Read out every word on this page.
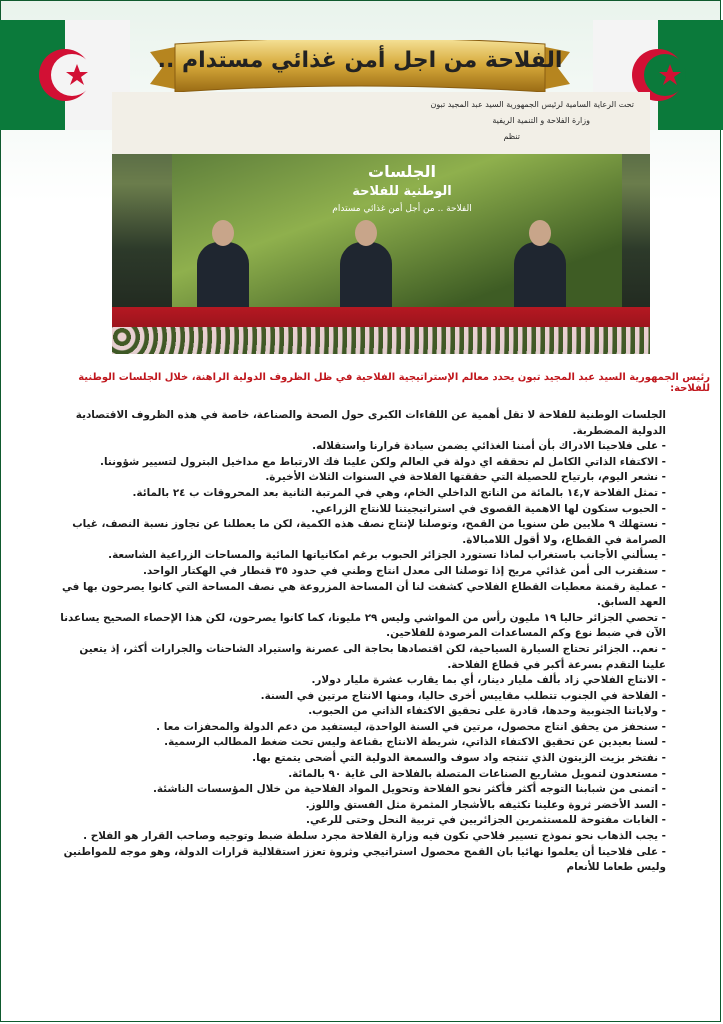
الفلاحة من اجل أمن غذائي مستدام ..
تحت الرعاية السامية لرئيس الجمهورية السيد عبد المجيد تبون
وزارة الفلاحة و التنمية الريفية
تنظم
الجلسات
الوطنية للفلاحة
الفلاحة .. من أجل أمن غذائي مستدام
رئيس الجمهورية السيد عبد المجيد تبون يحدد معالم الإستراتيجية الفلاحية في ظل الظروف الدولية الراهنة، خلال الجلسات الوطنية للفلاحة:

الجلسات الوطنية للفلاحة لا تقل أهمية عن اللقاءات الكبرى حول الصحة والصناعة، خاصة في هذه الظروف الاقتصادية الدولية المضطربة.

- على فلاحينا الادراك بأن أمننا الغذائي يضمن سيادة قرارنا واستقلاله.

- الاكتفاء الذاتي الكامل لم تحققه اي دولة في العالم ولكن علينا فك الارتباط مع مداخيل البترول لتسيير شؤوننا.

- نشعر اليوم، بارتياح للحصيلة التي حققتها الفلاحة في السنوات الثلاث الأخيرة.

- تمثل الفلاحة ١٤,٧ بالمائة من الناتج الداخلي الخام، وهي في المرتبة الثانية بعد المحروقات ب ٢٤ بالمائة.

- الحبوب ستكون لها الاهمية القصوى في استراتيجيتنا للانتاج الزراعي.

- نستهلك ٩ ملايين طن سنويا من القمح، وتوصلنا لإنتاج نصف هذه الكمية، لكن ما يعطلنا عن تجاوز نسبة النصف، غياب الصرامة في القطاع، ولا أقول اللامبالاة.

- يسألني الأجانب باستغراب لماذا تستورد الجزائر الحبوب برغم امكانياتها المائية والمساحات الزراعية الشاسعة.

- سنقترب الى أمن غذائي مريح إذا توصلنا الى معدل انتاج وطني في حدود ٣٥ قنطار في الهكتار الواحد.

- عملية رقمنة معطيات القطاع الفلاحي كشفت لنا أن المساحة المزروعة هي نصف المساحة التي كانوا يصرحون بها في العهد السابق.

- تحصي الجزائر حاليا ١٩ مليون رأس من المواشي وليس ٢٩ مليونا، كما كانوا يصرحون، لكن هذا الإحصاء الصحيح يساعدنا الآن في ضبط نوع وكم المساعدات المرصودة للفلاحين.

- نعم.. الجزائر تحتاج السيارة السياحية، لكن اقتصادها بحاجة الى عصرنة واستيراد الشاحنات والجرارات أكثر، إذ يتعين علينا التقدم بسرعة أكبر في قطاع الفلاحة.

- الانتاج الفلاحي زاد بألف مليار دينار، أي بما يقارب عشرة مليار دولار.

- الفلاحة في الجنوب تتطلب مقاييس أخرى حاليا، ومنها الانتاج مرتين في السنة.

- ولاياتنا الجنوبية وحدها، قادرة على تحقيق الاكتفاء الذاتي من الحبوب.

- سنحفز من يحقق انتاج محصول، مرتين في السنة الواحدة، ليستفيد من دعم الدولة والمحفزات معا .

- لسنا بعيدين عن تحقيق الاكتفاء الذاتي، شريطة الانتاج بقناعة وليس تحت ضغط المطالب الرسمية.

- نفتخر بزيت الزيتون الذي تنتجه واد سوف والسمعة الدولية التي أضحى يتمتع بها.

- مستعدون لتمويل مشاريع الصناعات المتصلة بالفلاحة الى غاية ٩٠ بالمائة.

- اتمنى من شبابنا التوجه أكثر فأكثر نحو الفلاحة وتحويل المواد الفلاحية من خلال المؤسسات الناشئة.

- السد الأخضر ثروة وعلينا تكثيفه بالأشجار المثمرة مثل الفستق واللوز.

- الغابات مفتوحة للمستثمرين الجزائريين في تربية النحل وحتى للرعي.

- يجب الذهاب نحو نموذج تسيير فلاحي تكون فيه وزارة الفلاحة مجرد سلطة ضبط وتوجيه وصاحب القرار هو الفلاح .

- على فلاحينا أن يعلموا نهائيا بان القمح محصول استراتيجي وثروة تعزز استقلالية قرارات الدولة، وهو موجه للمواطنين وليس طعاما للأنعام
